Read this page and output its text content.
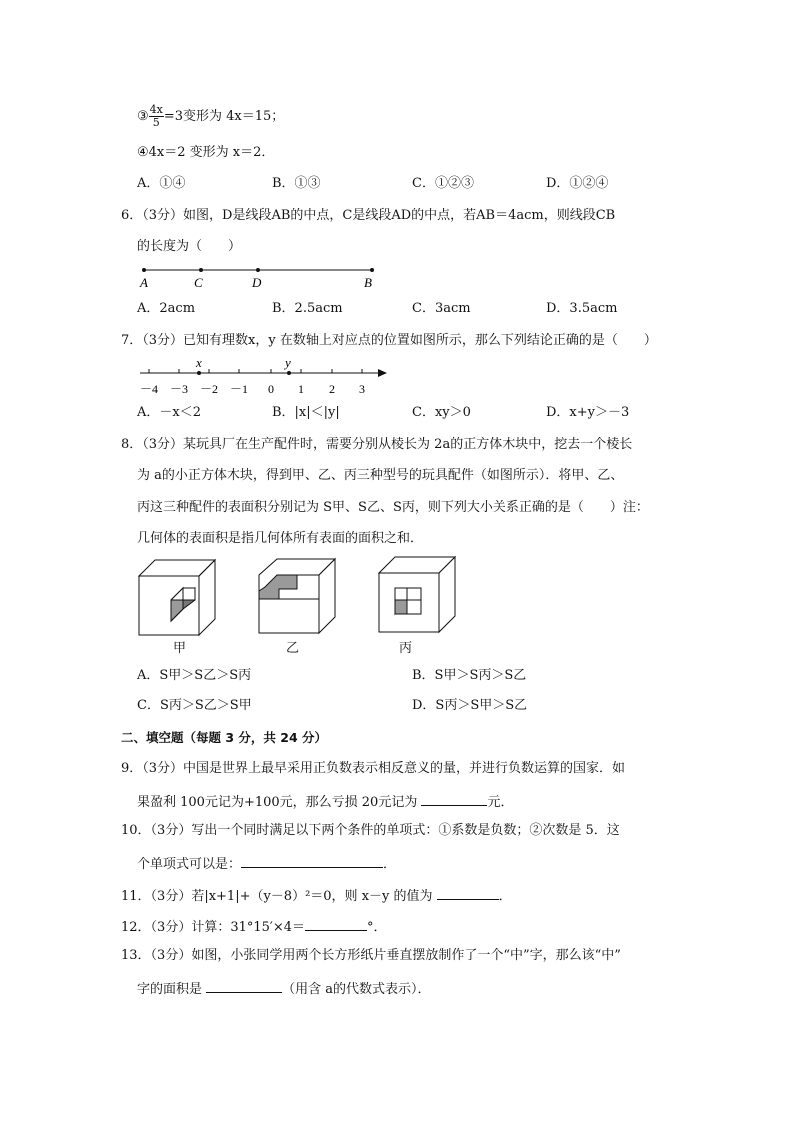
③ $\frac{4x}{5} =3$变形为 4x＝15；
④4x＝2 变形为 x＝2．
A．①④	B．①③	C．①②③	D．①②④
6．（3分）如图，D是线段AB的中点，C是线段AD的中点，若AB＝4acm，则线段CB
的长度为（　　）
A	C	D	B
A．2acm	B．2.5acm	C．3acm	D．3.5acm
7．（3分）已知有理数x，y 在数轴上对应点的位置如图所示，那么下列结论正确的是（　　）
x	y
－4 －3 －2 －1 0 1 2 3
A．－x＜2	B．|x|＜|y|	C．xy＞0	D．x+y＞－3
8．（3分）某玩具厂在生产配件时，需要分别从棱长为 2a的正方体木块中，挖去一个棱长
为 a的小正方体木块，得到甲、乙、丙三种型号的玩具配件（如图所示）．将甲、乙、
丙这三种配件的表面积分别记为 S甲、S乙、S丙，则下列大小关系正确的是（　　）注：
几何体的表面积是指几何体所有表面的面积之和．
甲	乙	丙
A．S甲＞S乙＞S丙	B．S甲＞S丙＞S乙
C．S丙＞S乙＞S甲	D．S丙＞S甲＞S乙
二、填空题（每题 3 分，共 24 分）
9．（3分）中国是世界上最早采用正负数表示相反意义的量，并进行负数运算的国家．如
果盈利 100元记为+100元，那么亏损 20元记为	元．
10．（3分）写出一个同时满足以下两个条件的单项式：①系数是负数；②次数是 5．这
个单项式可以是：	．
11．（3分）若|x+1|+（y－8）²＝0，则 x－y 的值为	．
12．（3分）计算：31°15′×4＝	°．
13．（3分）如图，小张同学用两个长方形纸片垂直摆放制作了一个“中”字，那么该“中”
字的面积是	（用含 a的代数式表示）．
